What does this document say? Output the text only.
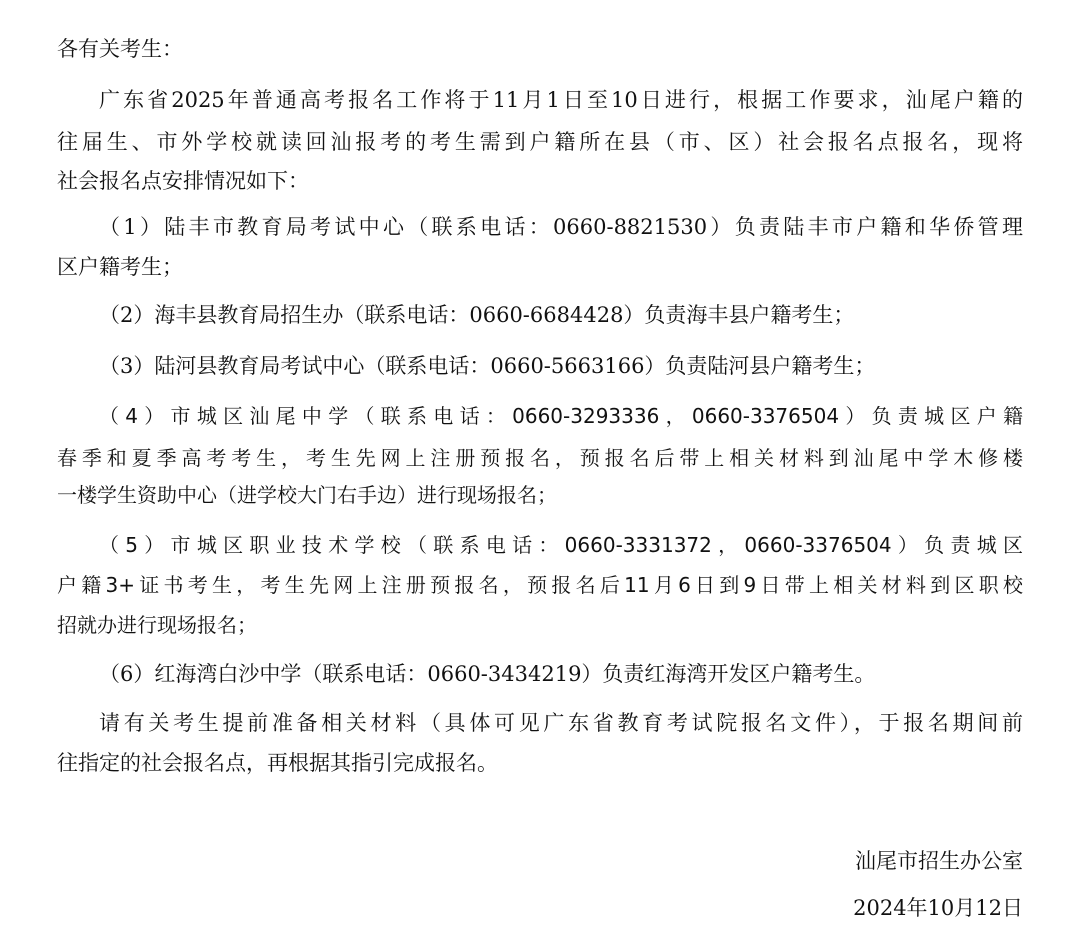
各有关考生：
广东省2025年普通高考报名工作将于11月1日至10日进行，根据工作要求，汕尾户籍的
往届生、市外学校就读回汕报考的考生需到户籍所在县（市、区）社会报名点报名，现将
社会报名点安排情况如下：
（1）陆丰市教育局考试中心（联系电话：0660-8821530）负责陆丰市户籍和华侨管理
区户籍考生；
（2）海丰县教育局招生办（联系电话：0660-6684428）负责海丰县户籍考生；
（3）陆河县教育局考试中心（联系电话：0660-5663166）负责陆河县户籍考生；
（4）市城区汕尾中学（联系电话：0660-3293336，0660-3376504）负责城区户籍
春季和夏季高考考生，考生先网上注册预报名，预报名后带上相关材料到汕尾中学木修楼
一楼学生资助中心（进学校大门右手边）进行现场报名；
（5）市城区职业技术学校（联系电话：0660-3331372，0660-3376504）负责城区
户籍3+证书考生，考生先网上注册预报名，预报名后11月6日到9日带上相关材料到区职校
招就办进行现场报名；
（6）红海湾白沙中学（联系电话：0660-3434219）负责红海湾开发区户籍考生。
请有关考生提前准备相关材料（具体可见广东省教育考试院报名文件），于报名期间前
往指定的社会报名点，再根据其指引完成报名。
汕尾市招生办公室
2024年10月12日
